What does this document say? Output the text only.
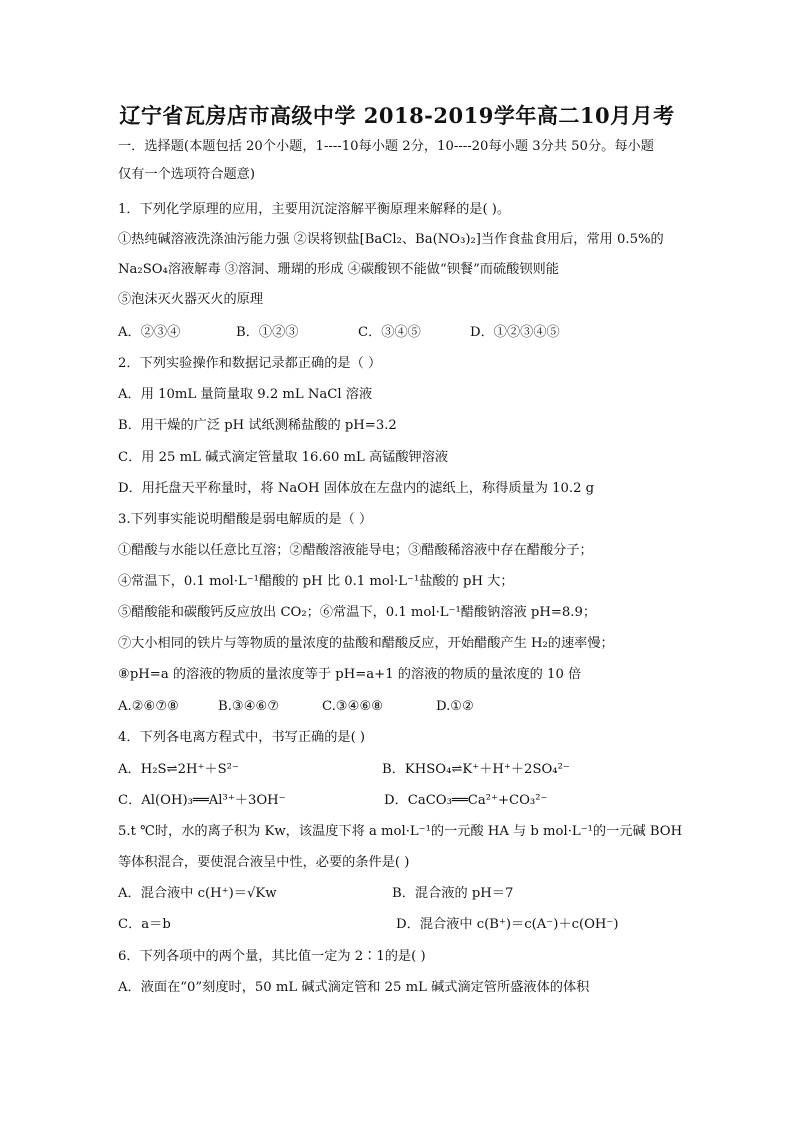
辽宁省瓦房店市高级中学 2018-2019学年高二10月月考
一．选择题(本题包括 20个小题，1----10每小题 2分，10----20每小题 3分共 50分。每小题
仅有一个选项符合题意)
1．下列化学原理的应用，主要用沉淀溶解平衡原理来解释的是( )。
①热纯碱溶液洗涤油污能力强 ②误将钡盐[BaCl₂、Ba(NO₃)₂]当作食盐食用后，常用 0.5%的
Na₂SO₄溶液解毒 ③溶洞、珊瑚的形成 ④碳酸钡不能做“钡餐”而硫酸钡则能
⑤泡沫灭火器灭火的原理
A．②③④	B．①②③	C．③④⑤	D．①②③④⑤
2．下列实验操作和数据记录都正确的是（ ）
A．用 10mL 量筒量取 9.2 mL NaCl 溶液
B．用干燥的广泛 pH 试纸测稀盐酸的 pH=3.2
C．用 25 mL 碱式滴定管量取 16.60 mL 高锰酸钾溶液
D．用托盘天平称量时，将 NaOH 固体放在左盘内的滤纸上，称得质量为 10.2 g
3.下列事实能说明醋酸是弱电解质的是（ ）
①醋酸与水能以任意比互溶；②醋酸溶液能导电；③醋酸稀溶液中存在醋酸分子；
④常温下，0.1 mol·L⁻¹醋酸的 pH 比 0.1 mol·L⁻¹盐酸的 pH 大；
⑤醋酸能和碳酸钙反应放出 CO₂；⑥常温下，0.1 mol·L⁻¹醋酸钠溶液 pH=8.9；
⑦大小相同的铁片与等物质的量浓度的盐酸和醋酸反应，开始醋酸产生 H₂的速率慢；
⑧pH=a 的溶液的物质的量浓度等于 pH=a+1 的溶液的物质的量浓度的 10 倍
A.②⑥⑦⑧	B.③④⑥⑦	C.③④⑥⑧	D.①②
4．下列各电离方程式中，书写正确的是( )
A．H₂S⇌2H⁺＋S²⁻	B．KHSO₄⇌K⁺＋H⁺＋2SO₄²⁻
C．Al(OH)₃══Al³⁺＋3OH⁻	D．CaCO₃══Ca²⁺+CO₃²⁻
5.t ℃时，水的离子积为 Kw，该温度下将 a mol·L⁻¹的一元酸 HA 与 b mol·L⁻¹的一元碱 BOH
等体积混合，要使混合液呈中性，必要的条件是( )
A．混合液中 c(H⁺)＝√Kw	B．混合液的 pH＝7
C．a＝b	D．混合液中 c(B⁺)＝c(A⁻)＋c(OH⁻)
6．下列各项中的两个量，其比值一定为 2∶1的是( )
A．液面在“0”刻度时，50 mL 碱式滴定管和 25 mL 碱式滴定管所盛液体的体积
